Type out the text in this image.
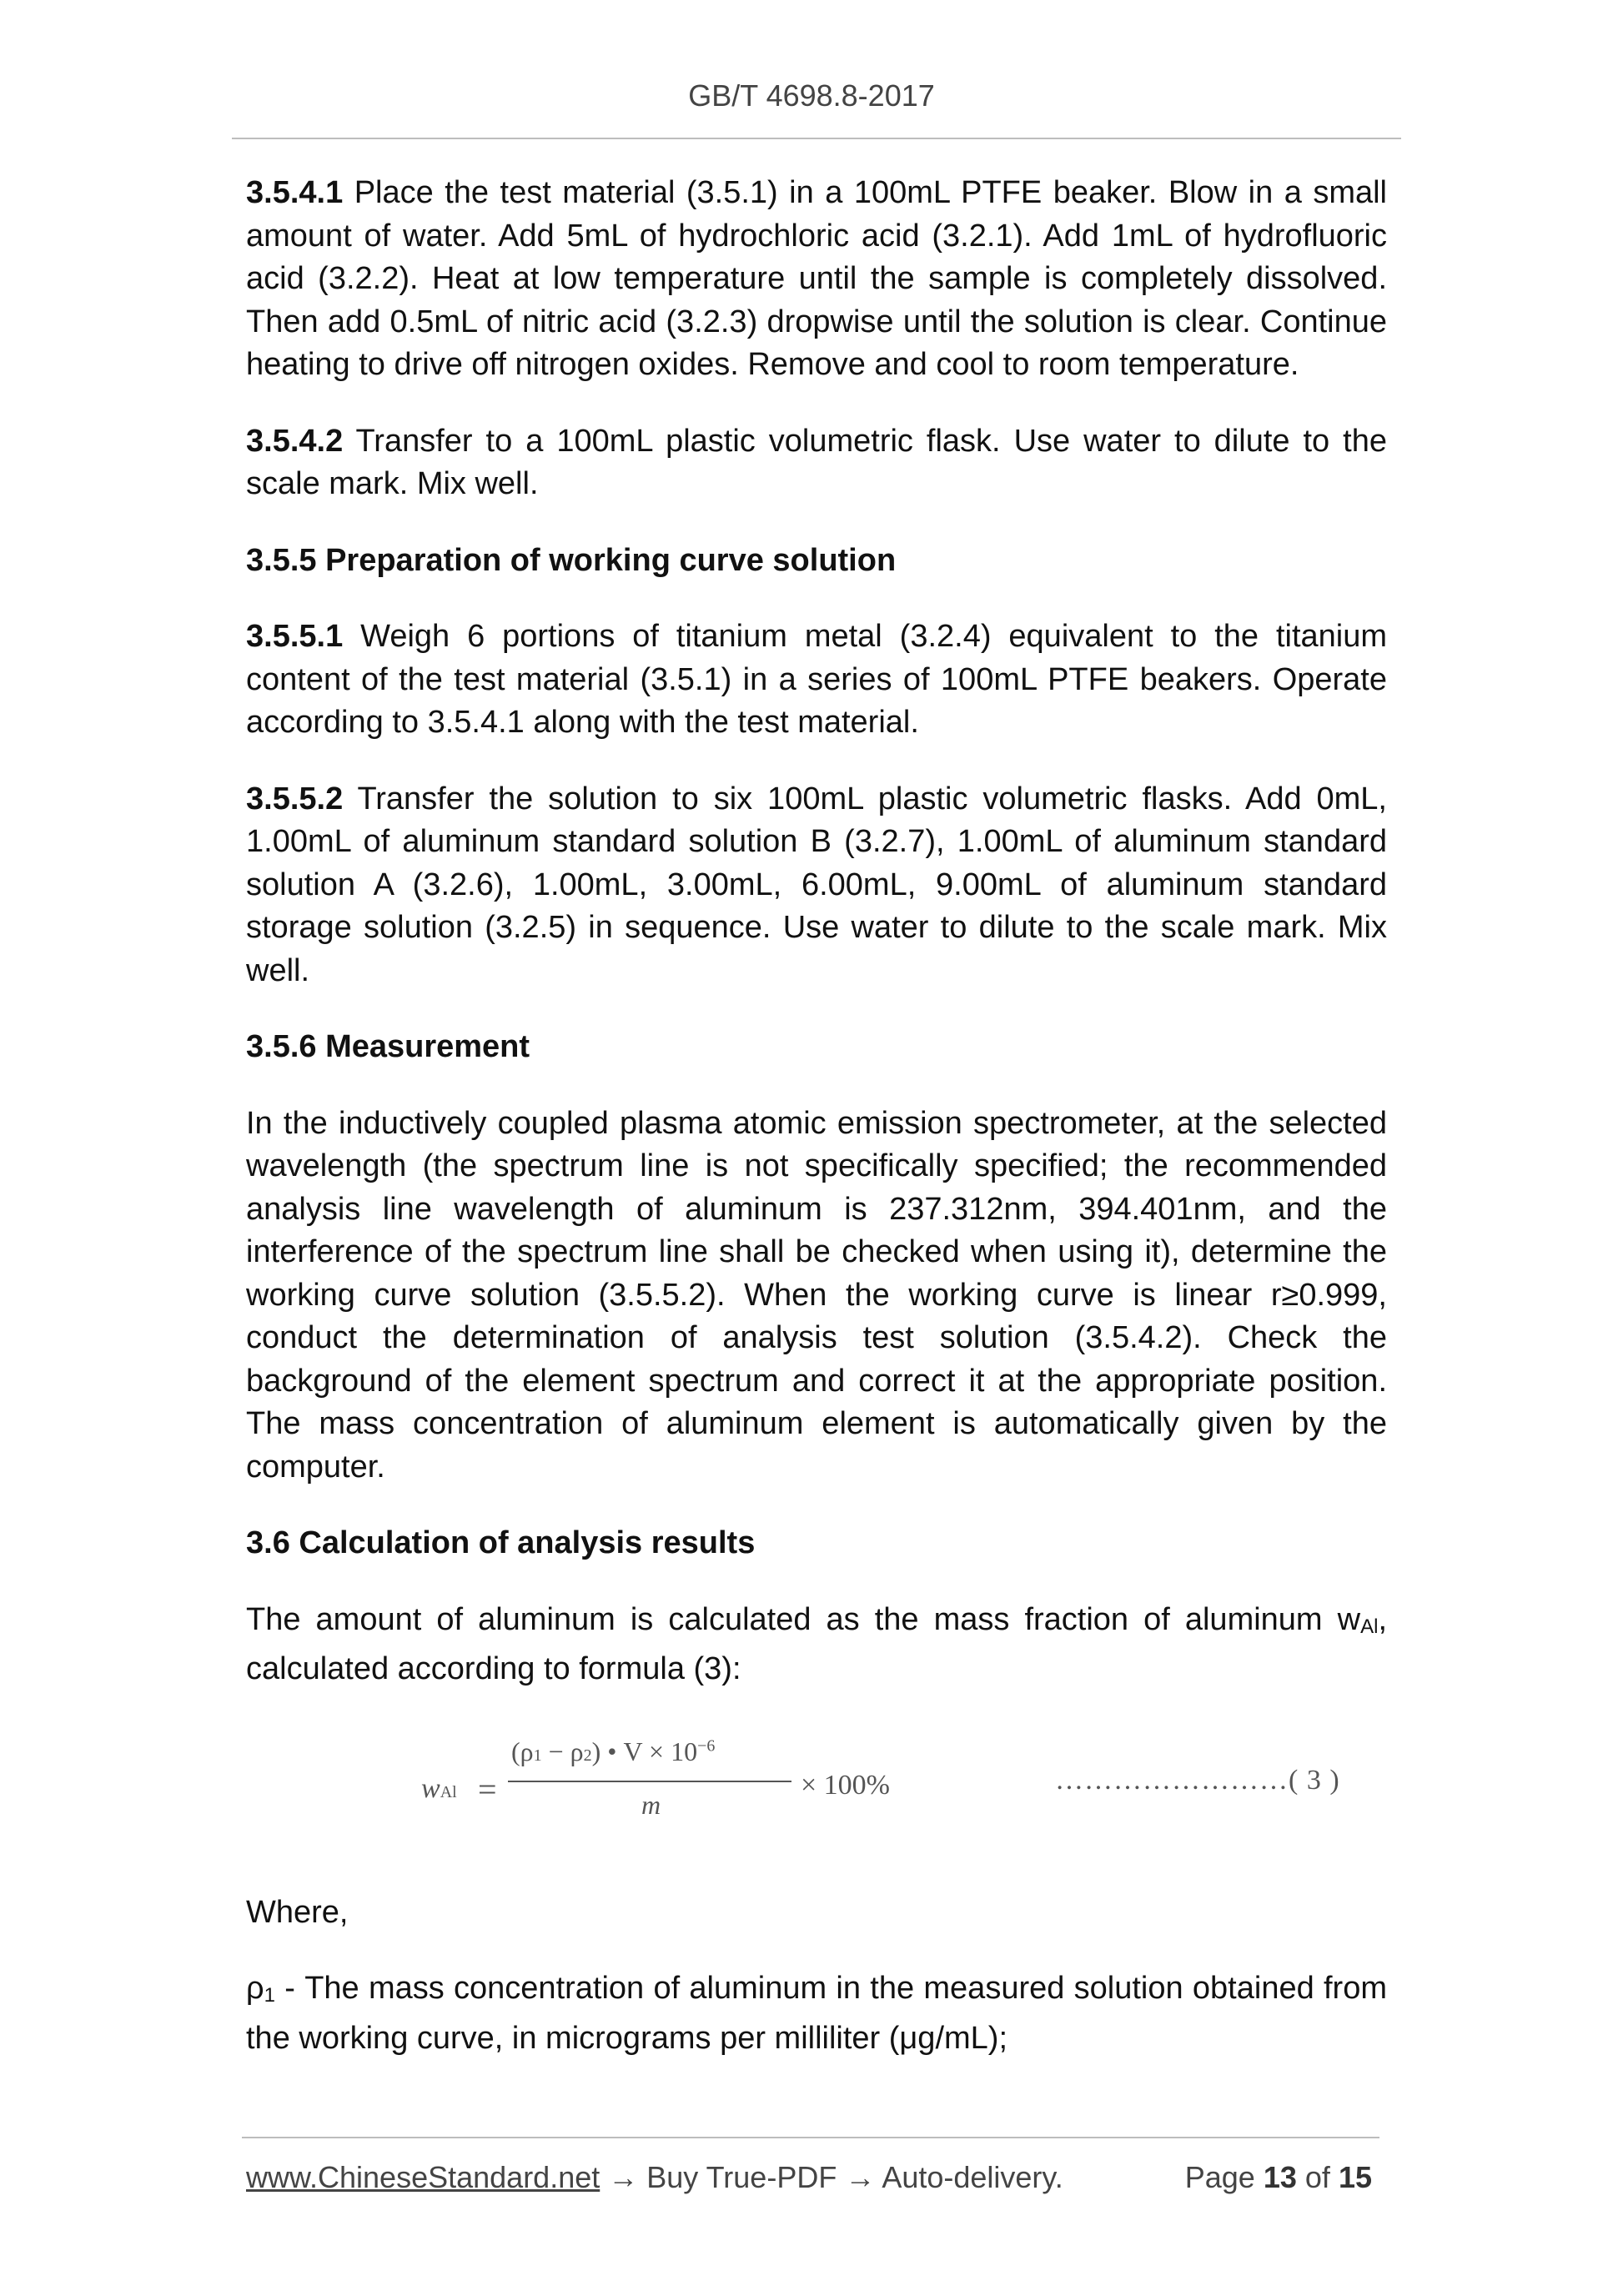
GB/T 4698.8-2017

3.5.4.1 Place the test material (3.5.1) in a 100mL PTFE beaker. Blow in a small amount of water. Add 5mL of hydrochloric acid (3.2.1). Add 1mL of hydrofluoric acid (3.2.2). Heat at low temperature until the sample is completely dissolved. Then add 0.5mL of nitric acid (3.2.3) dropwise until the solution is clear. Continue heating to drive off nitrogen oxides. Remove and cool to room temperature.

3.5.4.2 Transfer to a 100mL plastic volumetric flask. Use water to dilute to the scale mark. Mix well.

3.5.5 Preparation of working curve solution

3.5.5.1 Weigh 6 portions of titanium metal (3.2.4) equivalent to the titanium content of the test material (3.5.1) in a series of 100mL PTFE beakers. Operate according to 3.5.4.1 along with the test material.

3.5.5.2 Transfer the solution to six 100mL plastic volumetric flasks. Add 0mL, 1.00mL of aluminum standard solution B (3.2.7), 1.00mL of aluminum standard solution A (3.2.6), 1.00mL, 3.00mL, 6.00mL, 9.00mL of aluminum standard storage solution (3.2.5) in sequence. Use water to dilute to the scale mark. Mix well.

3.5.6 Measurement

In the inductively coupled plasma atomic emission spectrometer, at the selected wavelength (the spectrum line is not specifically specified; the recommended analysis line wavelength of aluminum is 237.312nm, 394.401nm, and the interference of the spectrum line shall be checked when using it), determine the working curve solution (3.5.5.2). When the working curve is linear r≥0.999, conduct the determination of analysis test solution (3.5.4.2). Check the background of the element spectrum and correct it at the appropriate position. The mass concentration of aluminum element is automatically given by the computer.

3.6 Calculation of analysis results

The amount of aluminum is calculated as the mass fraction of aluminum wAl, calculated according to formula (3):

wAl =
(ρ1 − ρ2) • $V \times 10^{-6}$
m
× 100%	……………………( 3 )

Where,

ρ1 - The mass concentration of aluminum in the measured solution obtained from the working curve, in micrograms per milliliter (μg/mL);

www.ChineseStandard.net → Buy True-PDF → Auto-delivery.	Page 13 of 15
